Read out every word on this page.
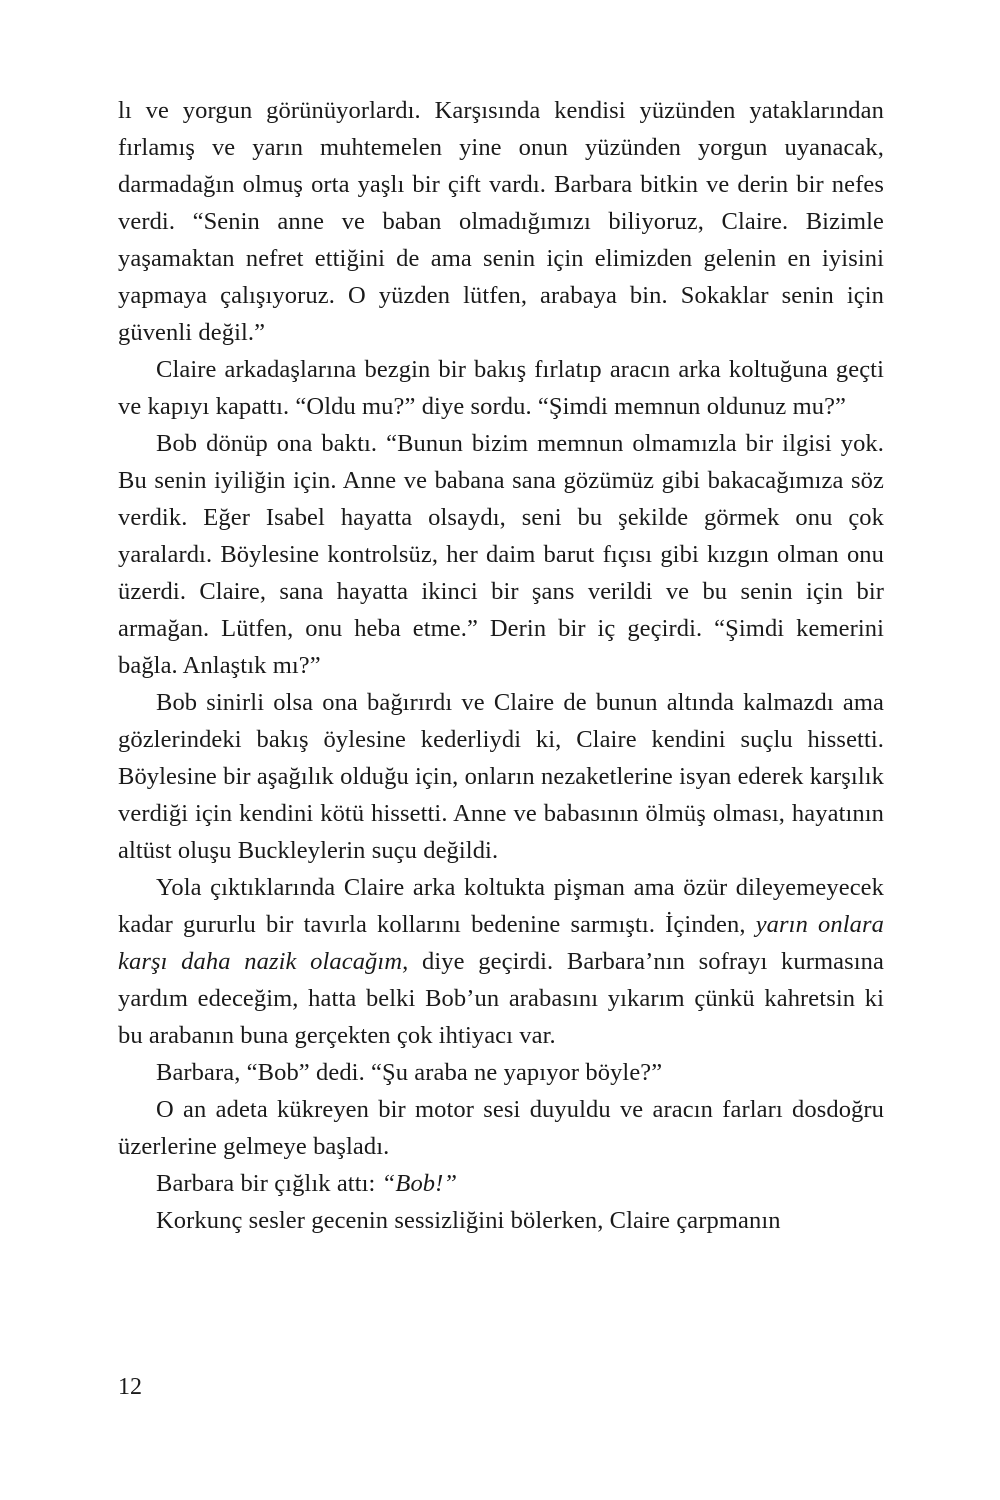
lı ve yorgun görünüyorlardı. Karşısında kendisi yüzünden yataklarından fırlamış ve yarın muhtemelen yine onun yüzünden yorgun uyanacak, darmadağın olmuş orta yaşlı bir çift vardı. Barbara bitkin ve derin bir nefes verdi. “Senin anne ve baban olmadığımızı biliyoruz, Claire. Bizimle yaşamaktan nefret ettiğini de ama senin için elimizden gelenin en iyisini yapmaya çalışıyoruz. O yüzden lütfen, arabaya bin. Sokaklar senin için güvenli değil.”

Claire arkadaşlarına bezgin bir bakış fırlatıp aracın arka koltuğuna geçti ve kapıyı kapattı. “Oldu mu?” diye sordu. “Şimdi memnun oldunuz mu?”

Bob dönüp ona baktı. “Bunun bizim memnun olmamızla bir ilgisi yok. Bu senin iyiliğin için. Anne ve babana sana gözümüz gibi bakacağımıza söz verdik. Eğer Isabel hayatta olsaydı, seni bu şekilde görmek onu çok yaralardı. Böylesine kontrolsüz, her daim barut fıçısı gibi kızgın olman onu üzerdi. Claire, sana hayatta ikinci bir şans verildi ve bu senin için bir armağan. Lütfen, onu heba etme.” Derin bir iç geçirdi. “Şimdi kemerini bağla. Anlaştık mı?”

Bob sinirli olsa ona bağırırdı ve Claire de bunun altında kalmazdı ama gözlerindeki bakış öylesine kederliydi ki, Claire kendini suçlu hissetti. Böylesine bir aşağılık olduğu için, onların nezaketlerine isyan ederek karşılık verdiği için kendini kötü hissetti. Anne ve babasının ölmüş olması, hayatının altüst oluşu Buckleylerin suçu değildi.

Yola çıktıklarında Claire arka koltukta pişman ama özür dileyemeyecek kadar gururlu bir tavırla kollarını bedenine sarmıştı. İçinden, yarın onlara karşı daha nazik olacağım, diye geçirdi. Barbara’nın sofrayı kurmasına yardım edeceğim, hatta belki Bob’un arabasını yıkarım çünkü kahretsin ki bu arabanın buna gerçekten çok ihtiyacı var.

Barbara, “Bob” dedi. “Şu araba ne yapıyor böyle?”

O an adeta kükreyen bir motor sesi duyuldu ve aracın farları dosdoğru üzerlerine gelmeye başladı.

Barbara bir çığlık attı: “Bob!”

Korkunç sesler gecenin sessizliğini bölerken, Claire çarpmanın

12
